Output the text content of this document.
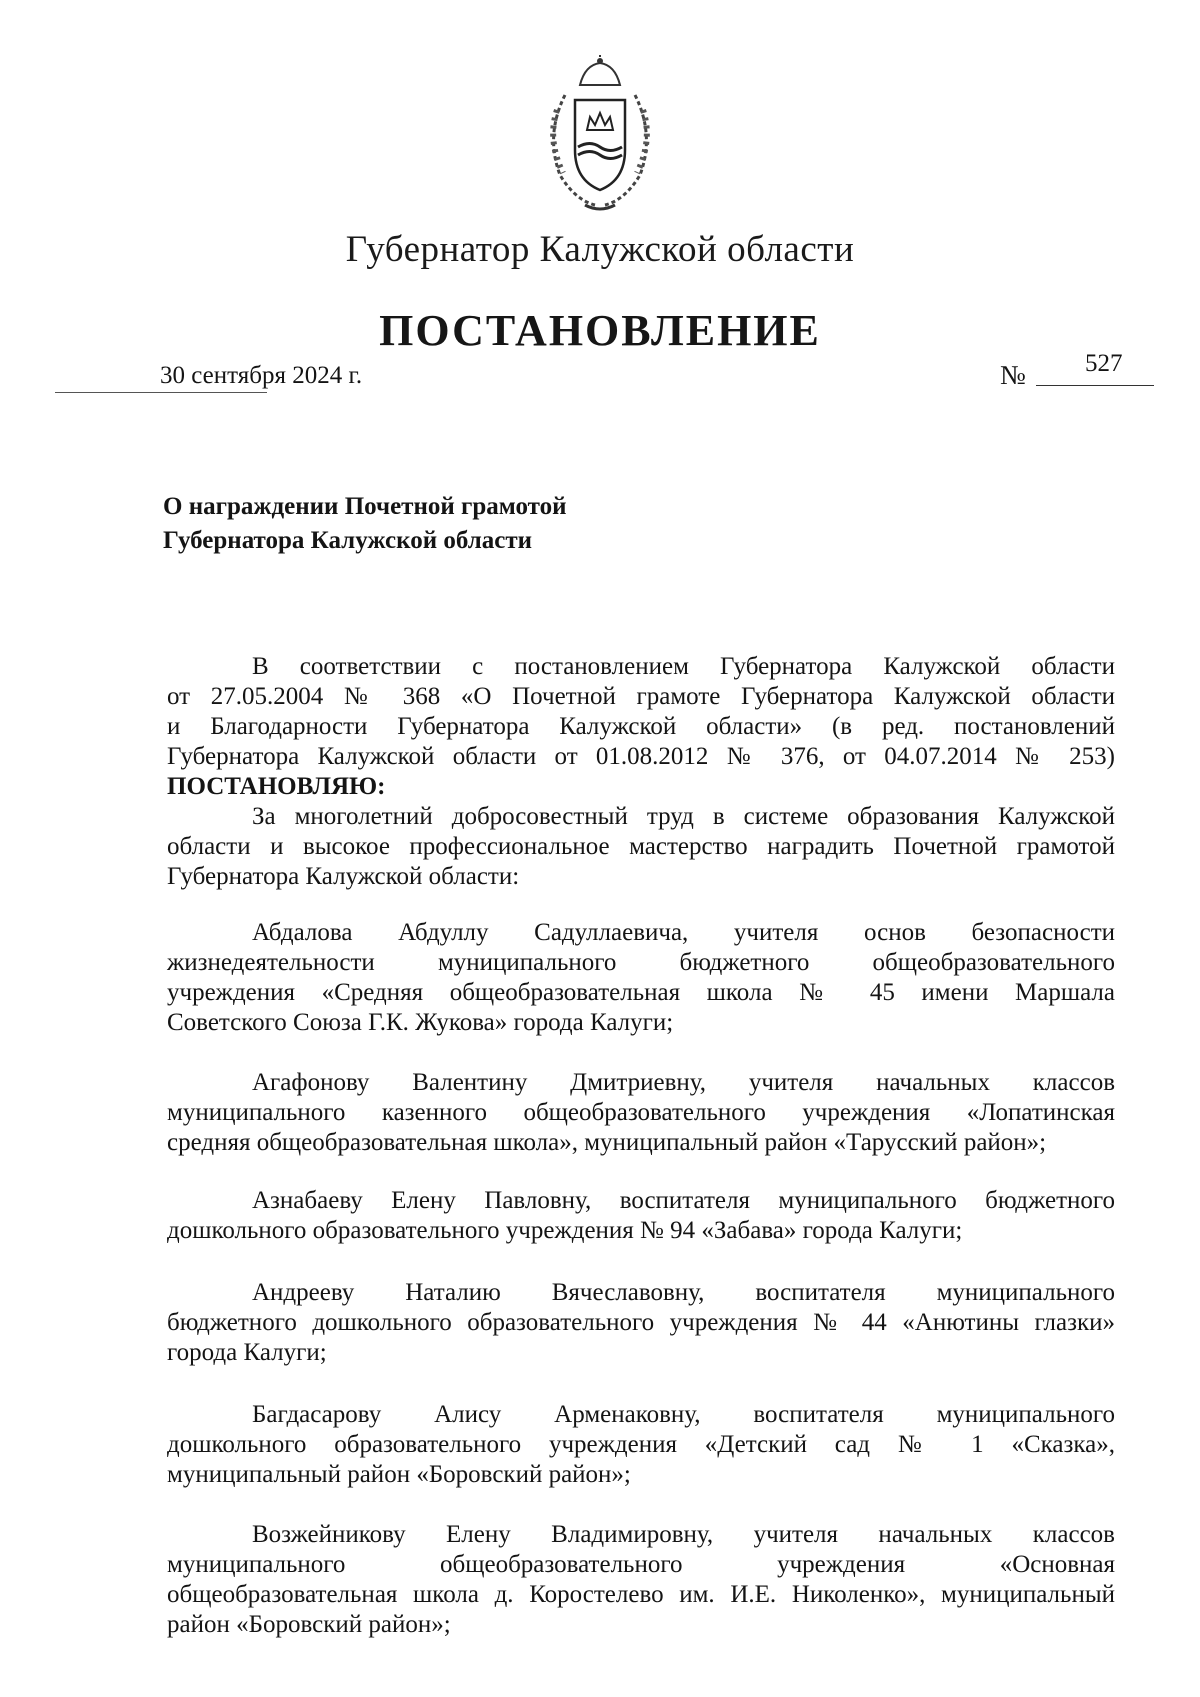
Губернатор Калужской области
ПОСТАНОВЛЕНИЕ
30 сентября 2024 г.	№ 527
О награждении Почетной грамотой
Губернатора Калужской области
В соответствии с постановлением Губернатора Калужской области
от 27.05.2004 № 368 «О Почетной грамоте Губернатора Калужской области
и Благодарности Губернатора Калужской области» (в ред. постановлений
Губернатора Калужской области от 01.08.2012 № 376, от 04.07.2014 № 253)
ПОСТАНОВЛЯЮ:
За многолетний добросовестный труд в системе образования Калужской
области и высокое профессиональное мастерство наградить Почетной грамотой
Губернатора Калужской области:
Абдалова Абдуллу Садуллаевича, учителя основ безопасности
жизнедеятельности муниципального бюджетного общеобразовательного
учреждения «Средняя общеобразовательная школа № 45 имени Маршала
Советского Союза Г.К. Жукова» города Калуги;
Агафонову Валентину Дмитриевну, учителя начальных классов
муниципального казенного общеобразовательного учреждения «Лопатинская
средняя общеобразовательная школа», муниципальный район «Тарусский район»;
Азнабаеву Елену Павловну, воспитателя муниципального бюджетного
дошкольного образовательного учреждения № 94 «Забава» города Калуги;
Андрееву Наталию Вячеславовну, воспитателя муниципального
бюджетного дошкольного образовательного учреждения № 44 «Анютины глазки»
города Калуги;
Багдасарову Алису Арменаковну, воспитателя муниципального
дошкольного образовательного учреждения «Детский сад № 1 «Сказка»,
муниципальный район «Боровский район»;
Возжейникову Елену Владимировну, учителя начальных классов
муниципального общеобразовательного учреждения «Основная
общеобразовательная школа д. Коростелево им. И.Е. Николенко», муниципальный
район «Боровский район»;
